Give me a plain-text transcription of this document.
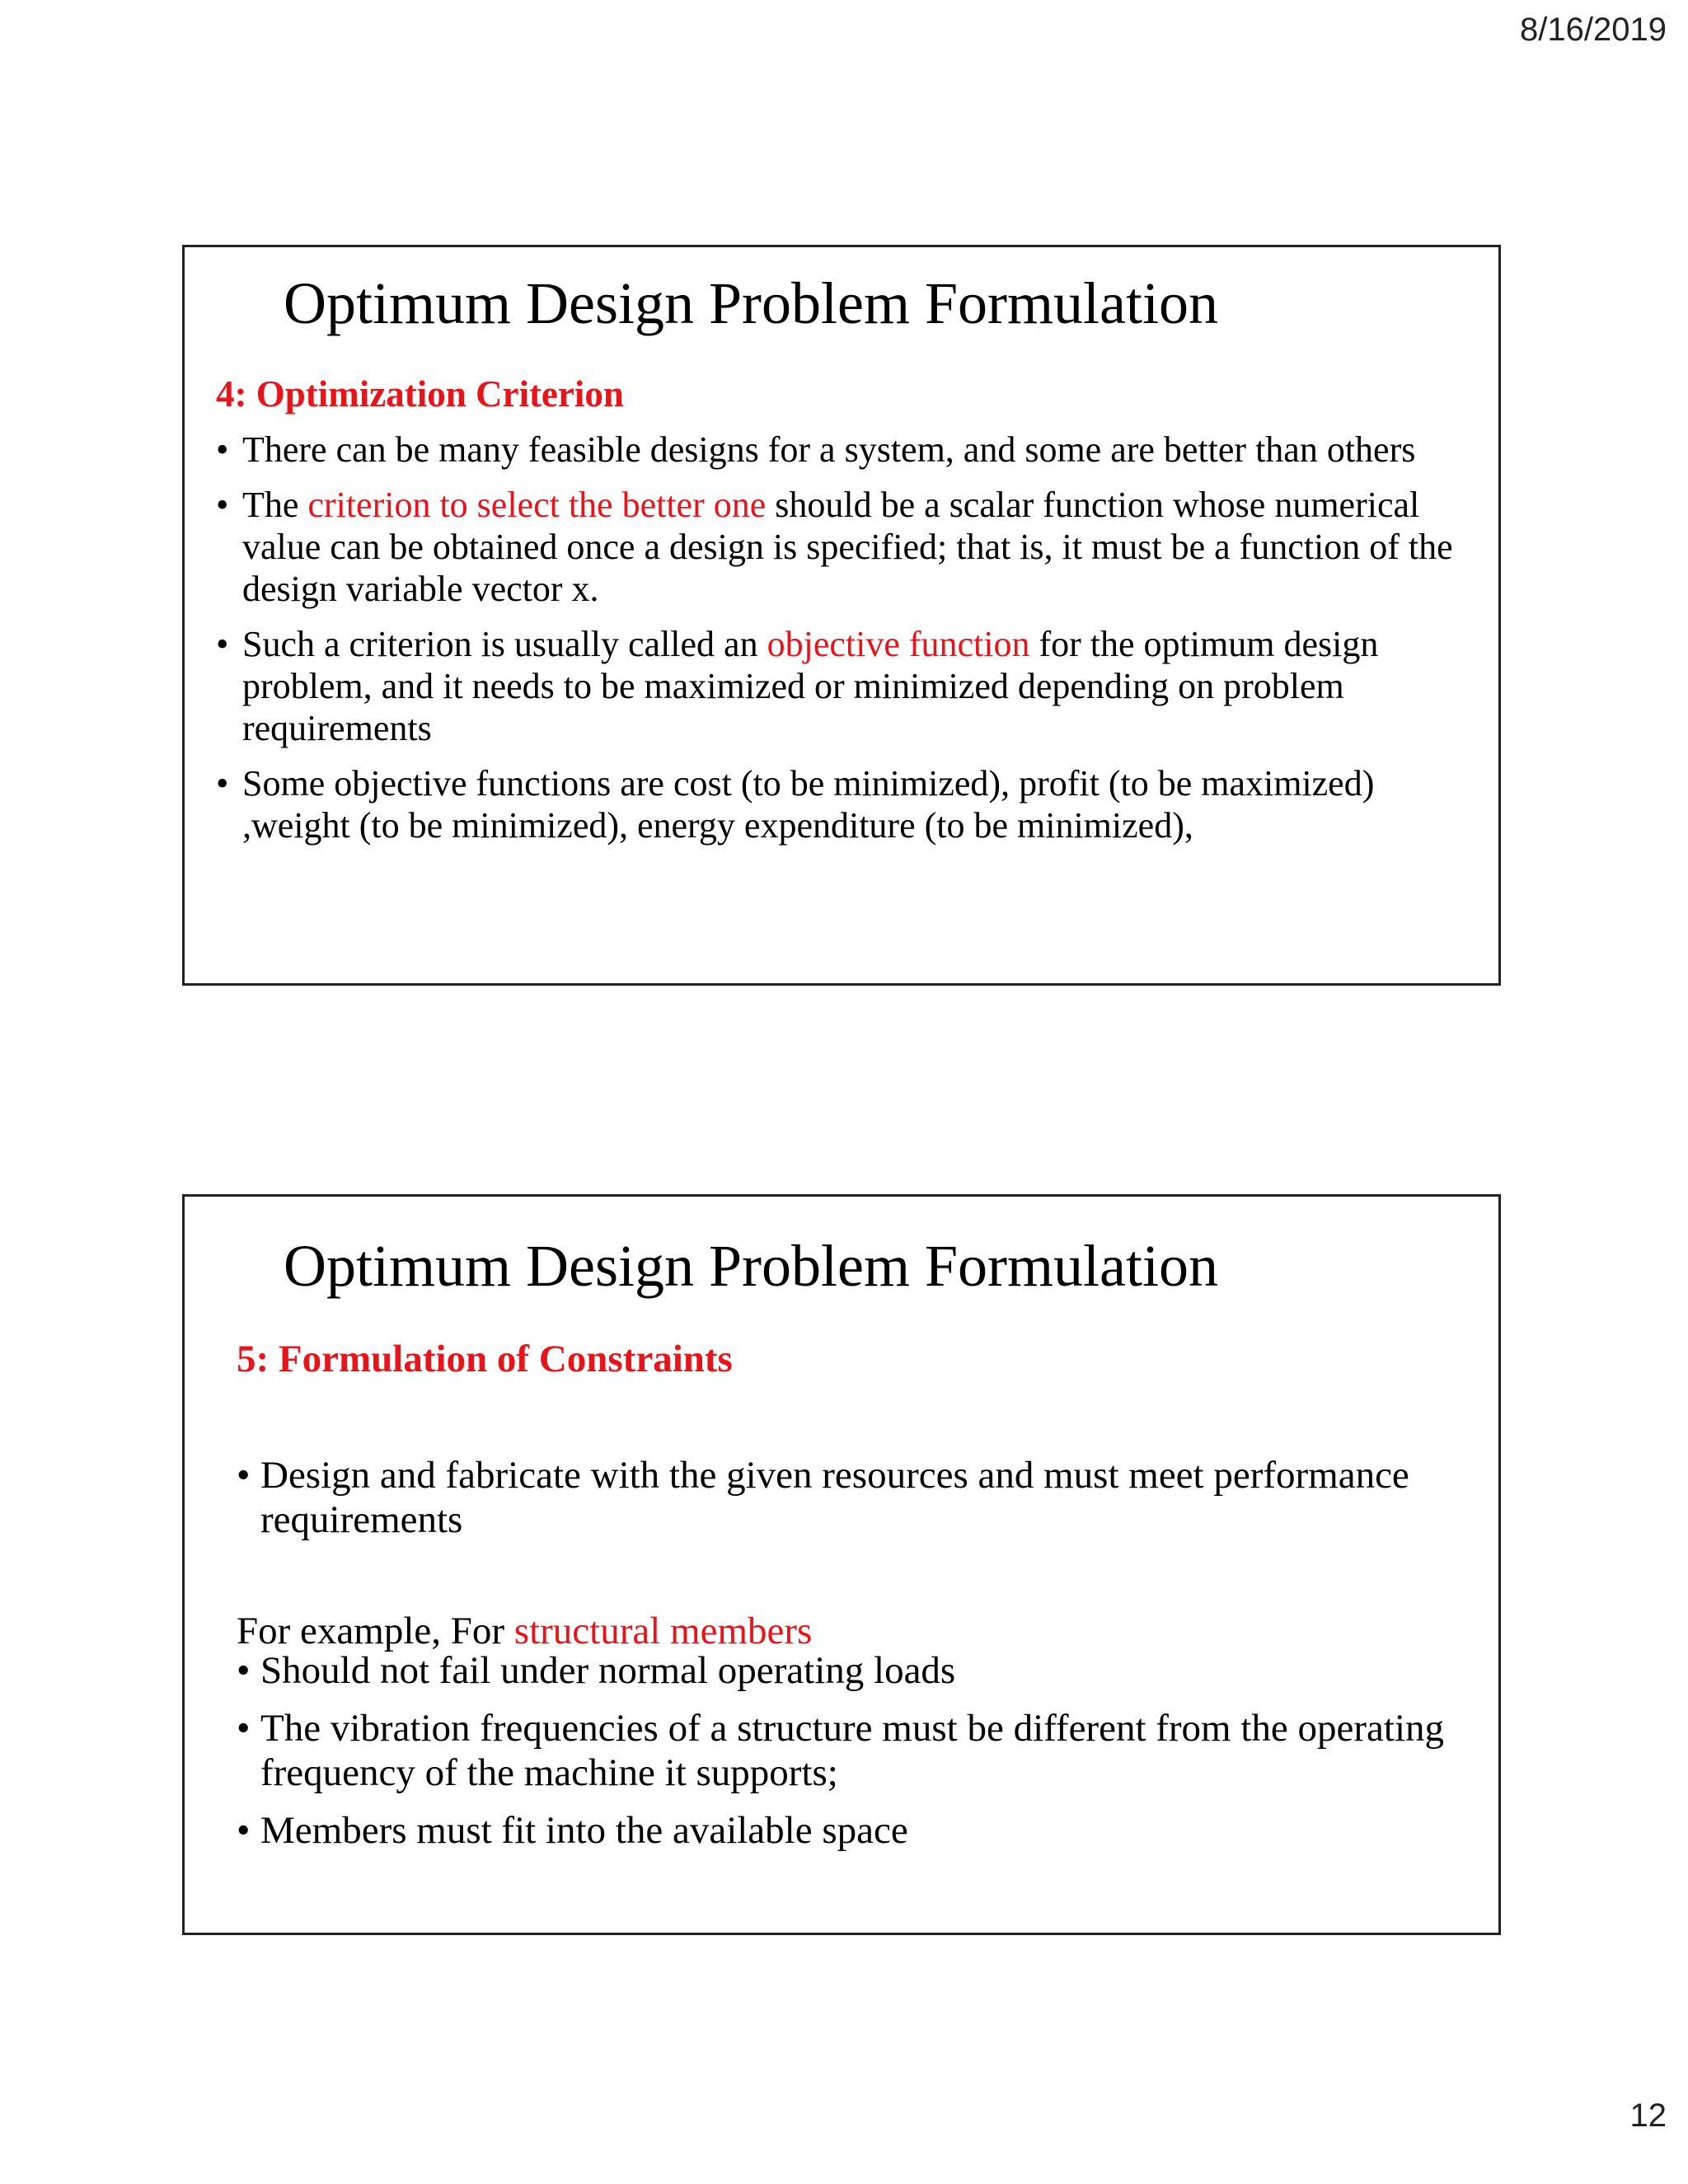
8/16/2019
Optimum Design Problem Formulation
4: Optimization Criterion
• There can be many feasible designs for a system, and some are better than others
• The criterion to select the better one should be a scalar function whose numerical value can be obtained once a design is specified; that is, it must be a function of the design variable vector x.
• Such a criterion is usually called an objective function for the optimum design problem, and it needs to be maximized or minimized depending on problem requirements
• Some objective functions are cost (to be minimized), profit (to be maximized) ,weight (to be minimized), energy expenditure (to be minimized),
Optimum Design Problem Formulation
5: Formulation of Constraints
• Design and fabricate with the given resources and must meet performance requirements
For example, For structural members
• Should not fail under normal operating loads
• The vibration frequencies of a structure must be different from the operating frequency of the machine it supports;
• Members must fit into the available space
12
